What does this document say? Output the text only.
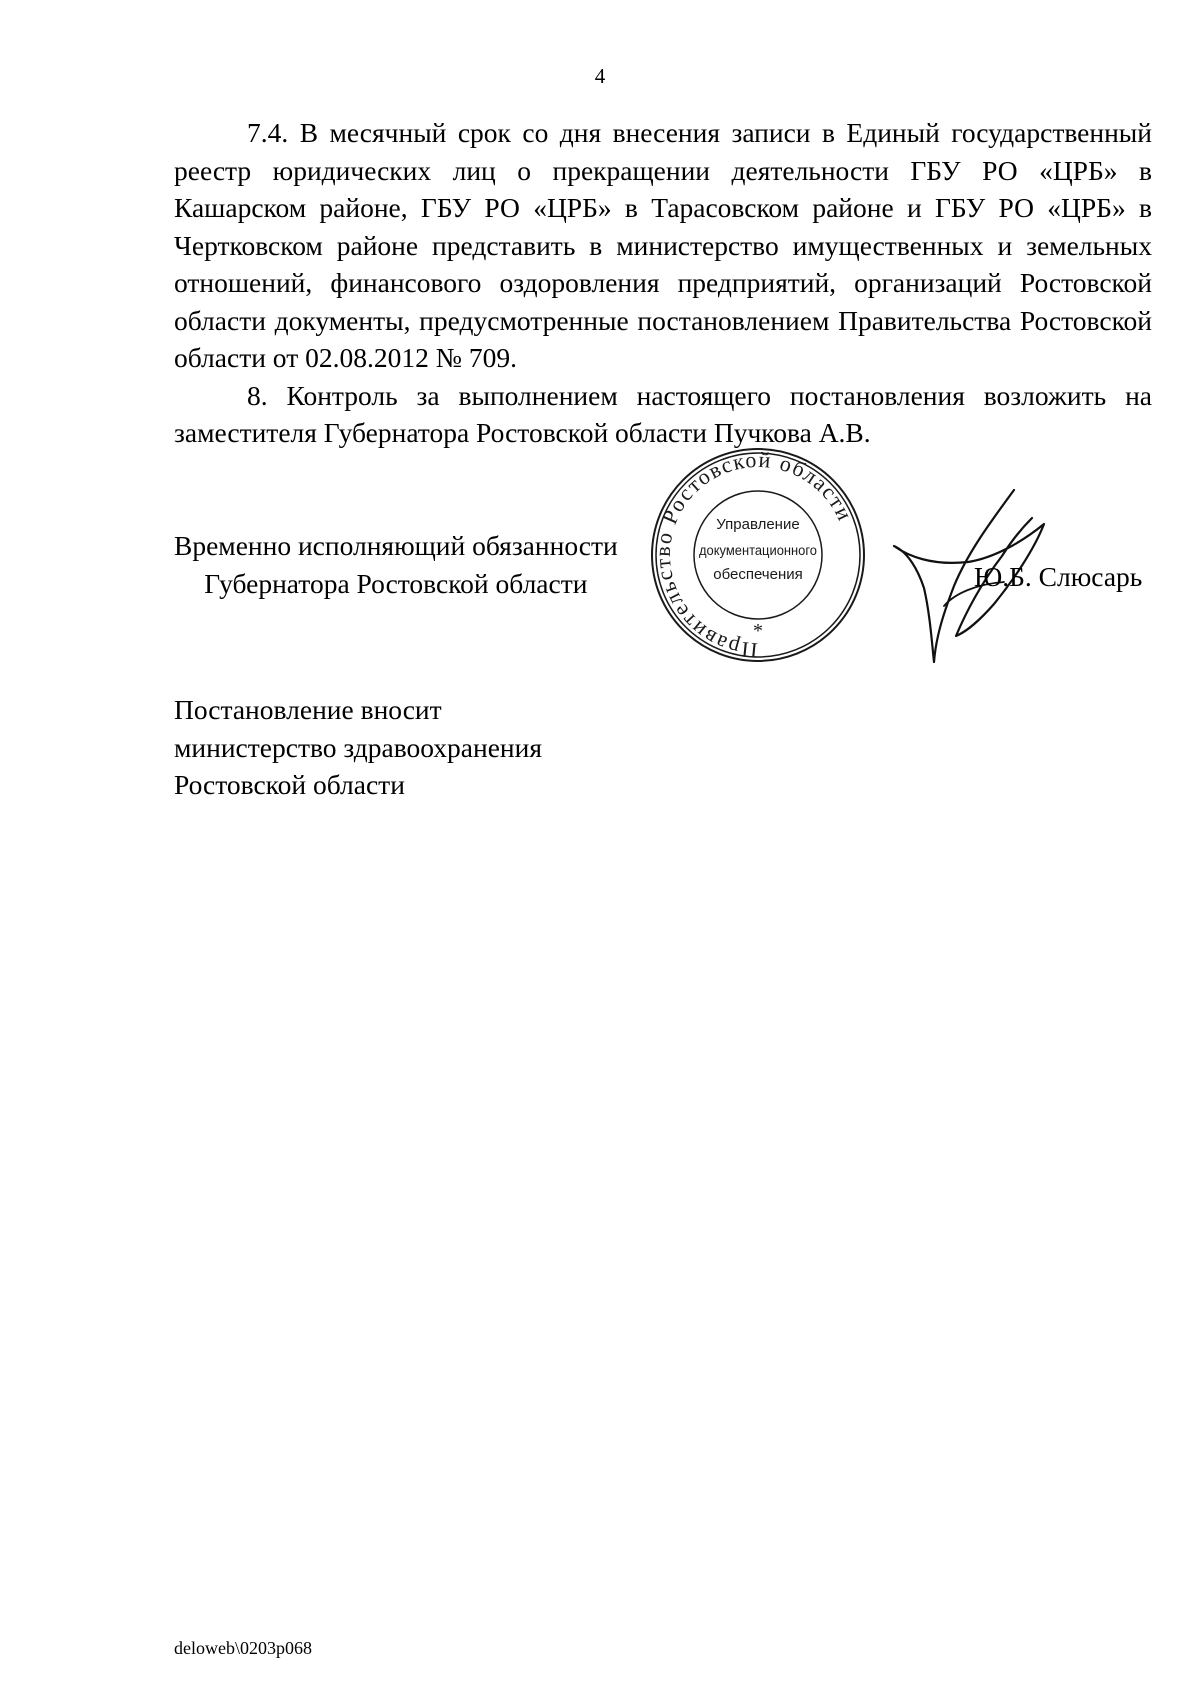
4

7.4. В месячный срок со дня внесения записи в Единый государственный реестр юридических лиц о прекращении деятельности ГБУ РО «ЦРБ» в Кашарском районе, ГБУ РО «ЦРБ» в Тарасовском районе и ГБУ РО «ЦРБ» в Чертковском районе представить в министерство имущественных и земельных отношений, финансового оздоровления предприятий, организаций Ростовской области документы, предусмотренные постановлением Правительства Ростовской области от 02.08.2012 № 709.

8. Контроль за выполнением настоящего постановления возложить на заместителя Губернатора Ростовской области Пучкова А.В.

Временно исполняющий обязанности
Губернатора Ростовской области
Правительство Ростовской области
Управление
документационного
обеспечения
*
Ю.Б. Слюсарь
Постановление вносит
министерство здравоохранения
Ростовской области
deloweb\0203p068
